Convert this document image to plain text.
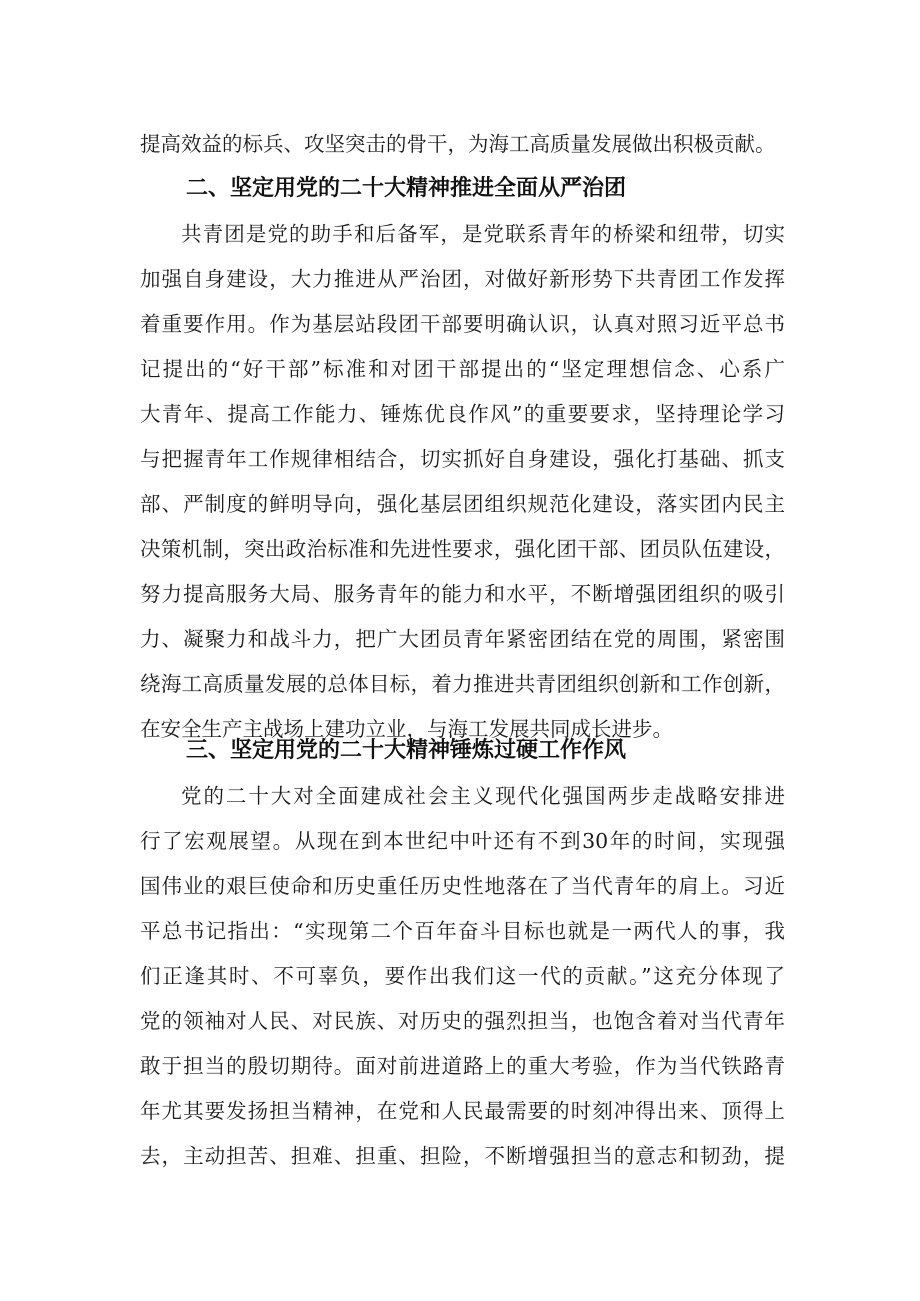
提高效益的标兵、攻坚突击的骨干，为海工高质量发展做出积极贡献。
二、坚定用党的二十大精神推进全面从严治团
共青团是党的助手和后备军，是党联系青年的桥梁和纽带，切实
加强自身建设，大力推进从严治团，对做好新形势下共青团工作发挥
着重要作用。作为基层站段团干部要明确认识，认真对照习近平总书
记提出的“好干部”标准和对团干部提出的“坚定理想信念、心系广
大青年、提高工作能力、锤炼优良作风”的重要要求，坚持理论学习
与把握青年工作规律相结合，切实抓好自身建设，强化打基础、抓支
部、严制度的鲜明导向，强化基层团组织规范化建设，落实团内民主
决策机制，突出政治标准和先进性要求，强化团干部、团员队伍建设，
努力提高服务大局、服务青年的能力和水平，不断增强团组织的吸引
力、凝聚力和战斗力，把广大团员青年紧密团结在党的周围，紧密围
绕海工高质量发展的总体目标，着力推进共青团组织创新和工作创新，
在安全生产主战场上建功立业，与海工发展共同成长进步。
三、坚定用党的二十大精神锤炼过硬工作作风
党的二十大对全面建成社会主义现代化强国两步走战略安排进
行了宏观展望。从现在到本世纪中叶还有不到30年的时间，实现强
国伟业的艰巨使命和历史重任历史性地落在了当代青年的肩上。习近
平总书记指出：“实现第二个百年奋斗目标也就是一两代人的事，我
们正逢其时、不可辜负，要作出我们这一代的贡献。”这充分体现了
党的领袖对人民、对民族、对历史的强烈担当，也饱含着对当代青年
敢于担当的殷切期待。面对前进道路上的重大考验，作为当代铁路青
年尤其要发扬担当精神，在党和人民最需要的时刻冲得出来、顶得上
去，主动担苦、担难、担重、担险，不断增强担当的意志和韧劲，提
